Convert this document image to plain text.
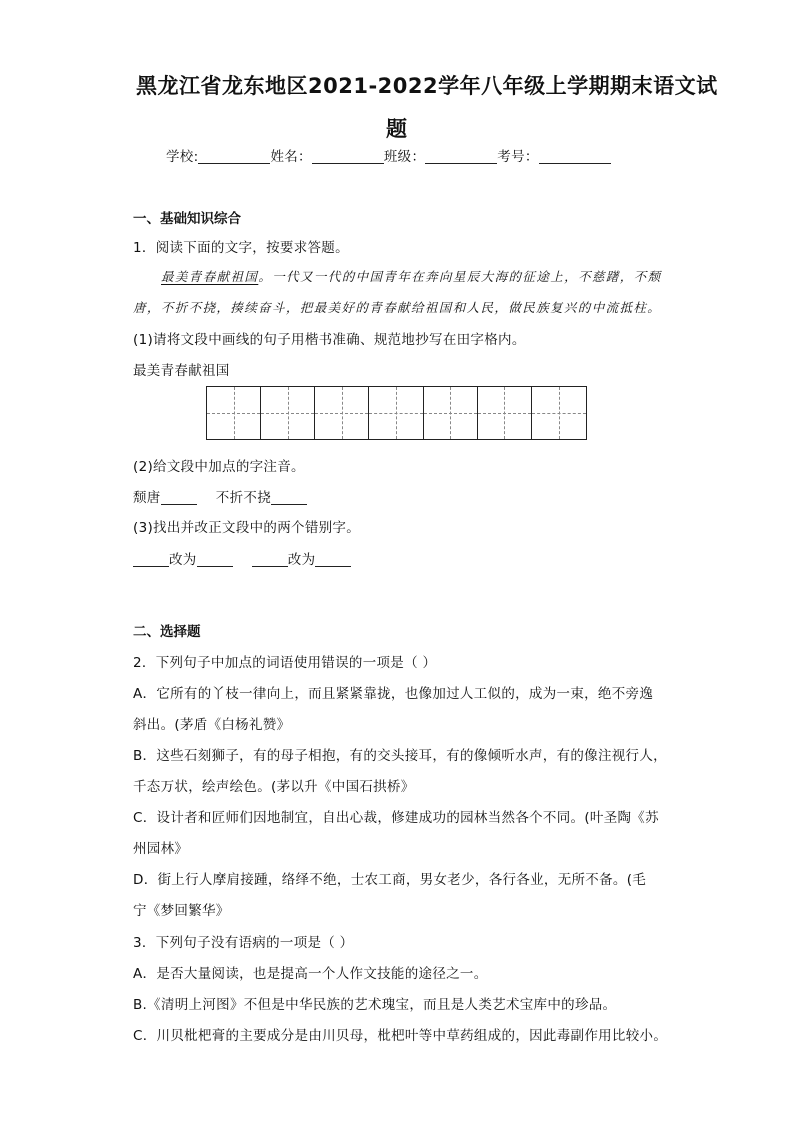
黑龙江省龙东地区2021-2022学年八年级上学期期末语文试
题
学校:	姓名：	班级：	考号：
一、基础知识综合
1．阅读下面的文字，按要求答题。
最美青春献祖国。一代又一代的中国青年在奔向星辰大海的征途上，不慈躇，不颓
唐，不折不挠，揍续奋斗，把最美好的青春献给祖国和人民，做民族复兴的中流抵柱。
(1)请将文段中画线的句子用楷书准确、规范地抄写在田字格内。
最美青春献祖国
(2)给文段中加点的字注音。
颓唐	不折不挠
(3)找出并改正文段中的两个错别字。
改为	改为
二、选择题
2．下列句子中加点的词语使用错误的一项是（ ）
A．它所有的丫枝一律向上，而且紧紧靠拢，也像加过人工似的，成为一束，绝不旁逸
斜出。(茅盾《白杨礼赞》
B．这些石刻狮子，有的母子相抱，有的交头接耳，有的像倾听水声，有的像注视行人，
千态万状，绘声绘色。(茅以升《中国石拱桥》
C．设计者和匠师们因地制宜，自出心裁，修建成功的园林当然各个不同。(叶圣陶《苏
州园林》
D．街上行人摩肩接踵，络绎不绝，士农工商，男女老少，各行各业，无所不备。(毛
宁《梦回繁华》
3．下列句子没有语病的一项是（ ）
A．是否大量阅读，也是提高一个人作文技能的途径之一。
B.《清明上河图》不但是中华民族的艺术瑰宝，而且是人类艺术宝库中的珍品。
C．川贝枇杷膏的主要成分是由川贝母，枇杷叶等中草药组成的，因此毒副作用比较小。
